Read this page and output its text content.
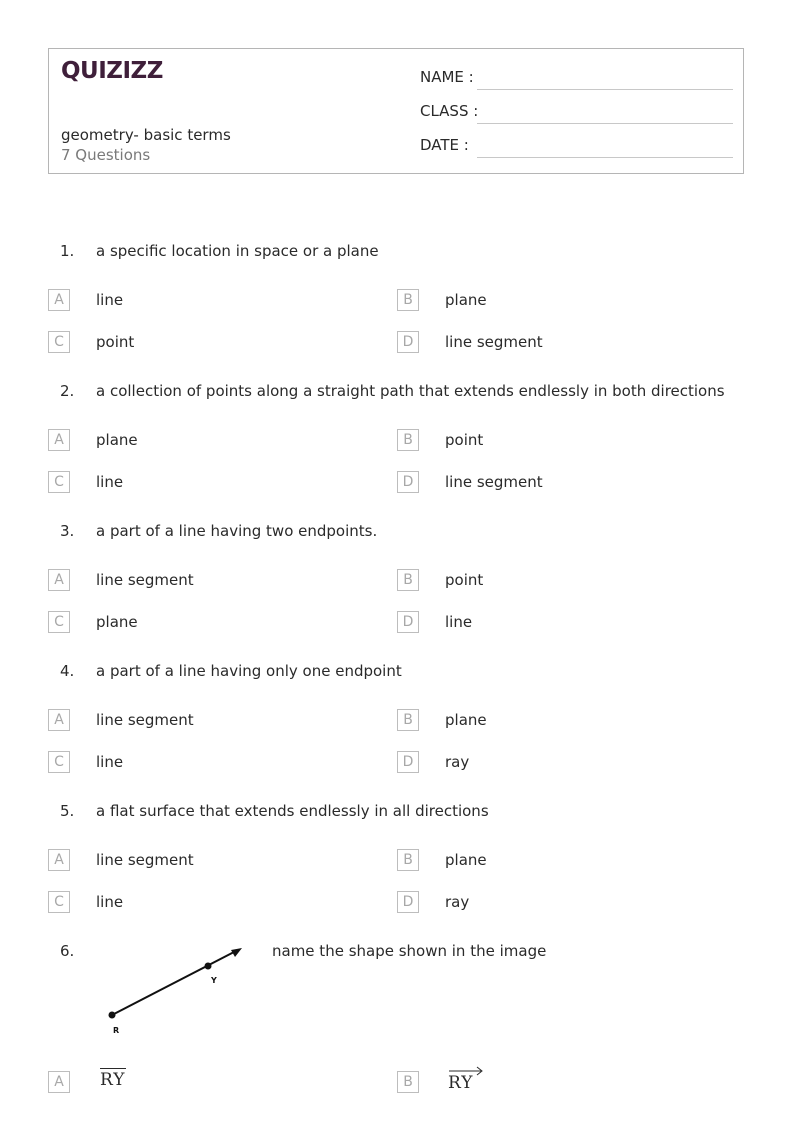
QUIZIZZ
geometry- basic terms
7 Questions
NAME :
CLASS :
DATE :
1. a specific location in space or a plane
A	line	B	plane
C	point	D	line segment
2. a collection of points along a straight path that extends endlessly in both directions
A	plane	B	point
C	line	D	line segment
3. a part of a line having two endpoints.
A	line segment	B	point
C	plane	D	line
4. a part of a line having only one endpoint
A	line segment	B	plane
C	line	D	ray
5. a flat surface that extends endlessly in all directions
A	line segment	B	plane
C	line	D	ray
6.
R
Y
name the shape shown in the image
A	RY	B	RY
